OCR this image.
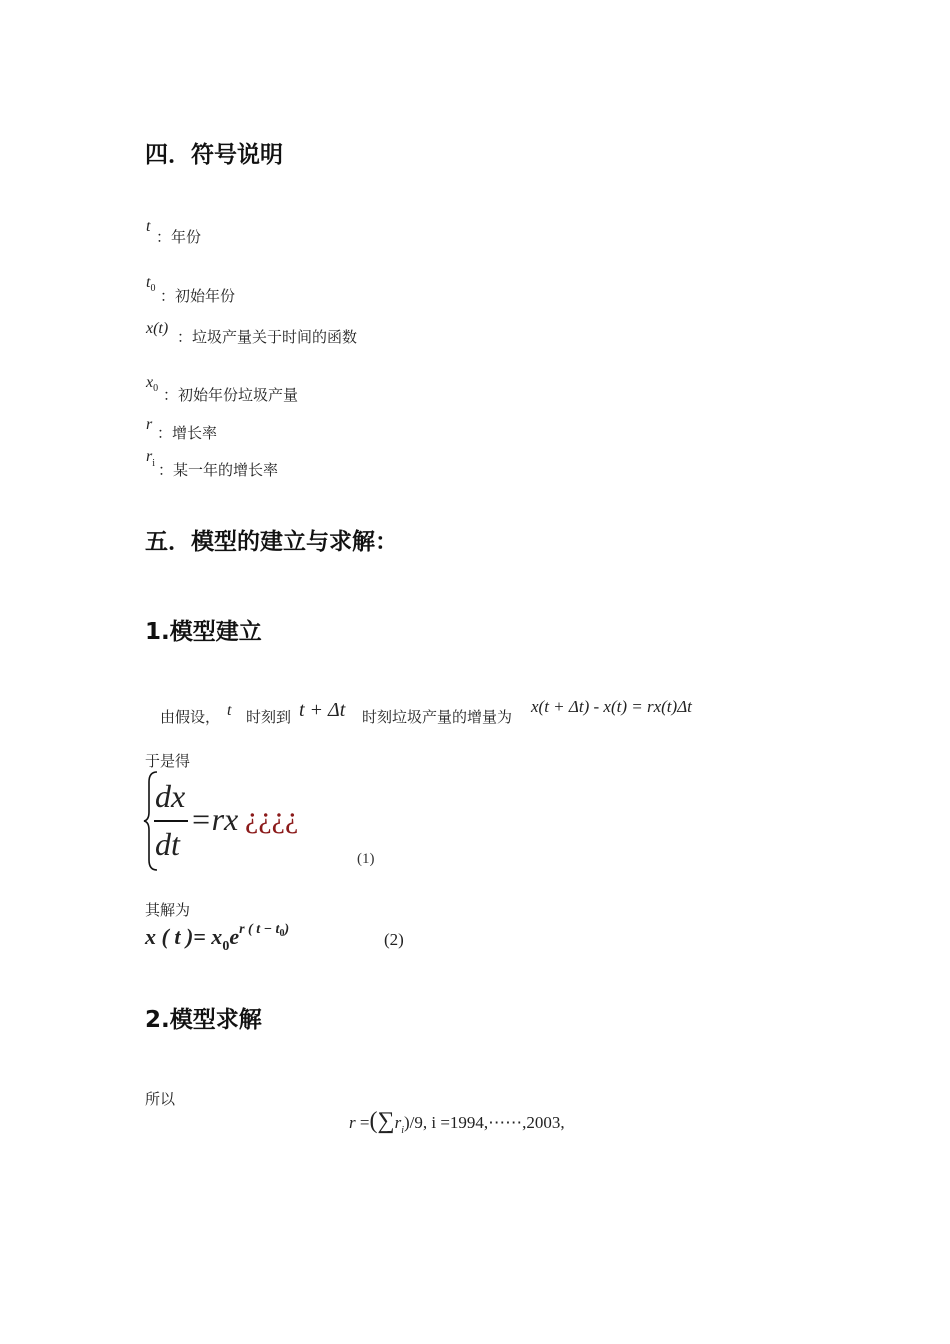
四．符号说明
t
：年份
$t_0$ ：初始年份
x(t) ：垃圾产量关于时间的函数
$x_0$ ：初始年份垃圾产量
r ：增长率
$r_i$ ：某一年的增长率
五．模型的建立与求解：
1.模型建立
由假设， t 时刻到 t + Δt 时刻垃圾产量的增量为
x(t + Δt) - x(t) = rx(t)Δt
于是得
dx
dt
=rx ¿¿¿¿
(1)
其解为
x ( t )= $x_0e^{r ( t - t_0)}$
(2)
2.模型求解
所以
$r =(\sum r_i)/9$, i =1994,⋯⋯,2003,
